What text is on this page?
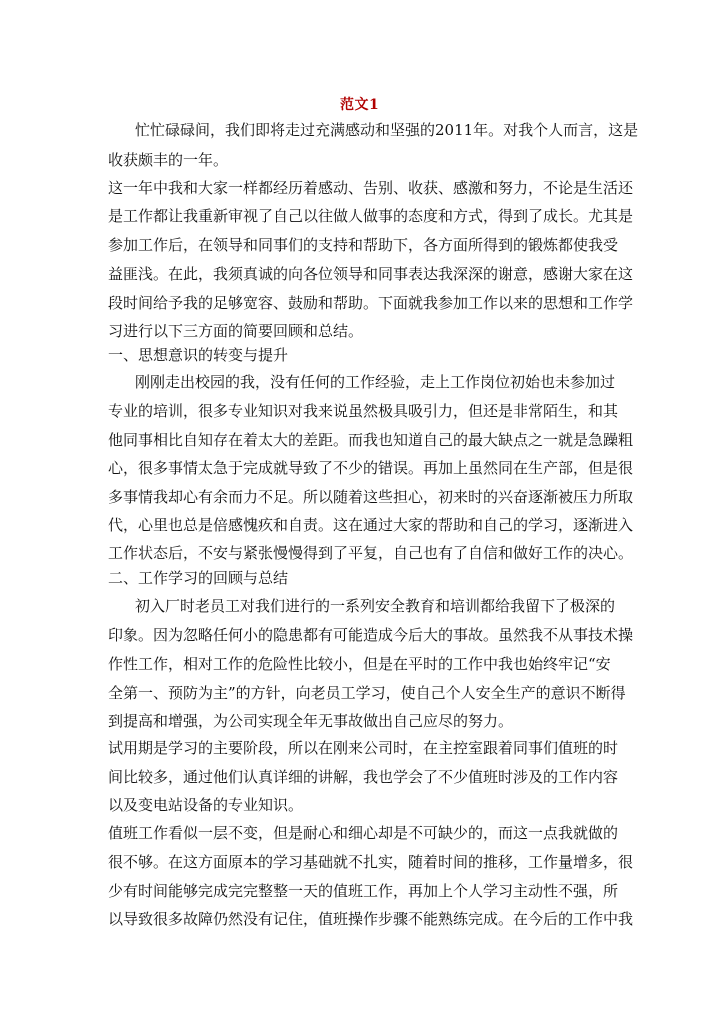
范文1
忙忙碌碌间，我们即将走过充满感动和坚强的2011年。对我个人而言，这是
收获颇丰的一年。
这一年中我和大家一样都经历着感动、告别、收获、感激和努力，不论是生活还
是工作都让我重新审视了自己以往做人做事的态度和方式，得到了成长。尤其是
参加工作后，在领导和同事们的支持和帮助下，各方面所得到的锻炼都使我受
益匪浅。在此，我须真诚的向各位领导和同事表达我深深的谢意，感谢大家在这
段时间给予我的足够宽容、鼓励和帮助。下面就我参加工作以来的思想和工作学
习进行以下三方面的简要回顾和总结。
一、思想意识的转变与提升
刚刚走出校园的我，没有任何的工作经验，走上工作岗位初始也未参加过
专业的培训，很多专业知识对我来说虽然极具吸引力，但还是非常陌生，和其
他同事相比自知存在着太大的差距。而我也知道自己的最大缺点之一就是急躁粗
心，很多事情太急于完成就导致了不少的错误。再加上虽然同在生产部，但是很
多事情我却心有余而力不足。所以随着这些担心，初来时的兴奋逐渐被压力所取
代，心里也总是倍感愧疚和自责。这在通过大家的帮助和自己的学习，逐渐进入
工作状态后，不安与紧张慢慢得到了平复，自己也有了自信和做好工作的决心。
二、工作学习的回顾与总结
初入厂时老员工对我们进行的一系列安全教育和培训都给我留下了极深的
印象。因为忽略任何小的隐患都有可能造成今后大的事故。虽然我不从事技术操
作性工作，相对工作的危险性比较小，但是在平时的工作中我也始终牢记“安
全第一、预防为主”的方针，向老员工学习，使自己个人安全生产的意识不断得
到提高和增强，为公司实现全年无事故做出自己应尽的努力。
试用期是学习的主要阶段，所以在刚来公司时，在主控室跟着同事们值班的时
间比较多，通过他们认真详细的讲解，我也学会了不少值班时涉及的工作内容
以及变电站设备的专业知识。
值班工作看似一层不变，但是耐心和细心却是不可缺少的，而这一点我就做的
很不够。在这方面原本的学习基础就不扎实，随着时间的推移，工作量增多，很
少有时间能够完成完完整整一天的值班工作，再加上个人学习主动性不强，所
以导致很多故障仍然没有记住，值班操作步骤不能熟练完成。在今后的工作中我
